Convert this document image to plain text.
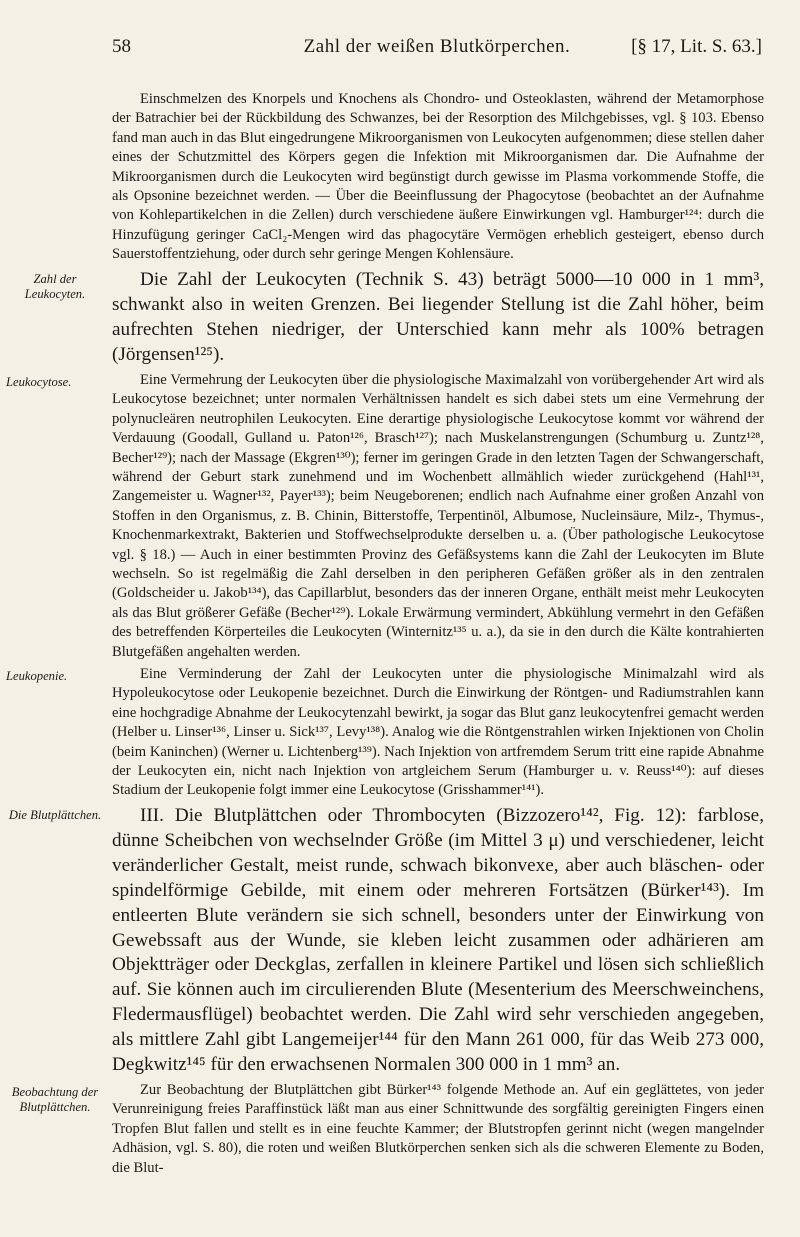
58	Zahl der weißen Blutkörperchen.	[§ 17, Lit. S. 63.]

Einschmelzen des Knorpels und Knochens als Chondro- und Osteoklasten, während der Metamorphose der Batrachier bei der Rückbildung des Schwanzes, bei der Resorption des Milchgebisses, vgl. § 103. Ebenso fand man auch in das Blut eingedrungene Mikroorganismen von Leukocyten aufgenommen; diese stellen daher eines der Schutzmittel des Körpers gegen die Infektion mit Mikroorganismen dar. Die Aufnahme der Mikroorganismen durch die Leukocyten wird begünstigt durch gewisse im Plasma vorkommende Stoffe, die als Opsonine bezeichnet werden. — Über die Beeinflussung der Phagocytose (beobachtet an der Aufnahme von Kohlepartikelchen in die Zellen) durch verschiedene äußere Einwirkungen vgl. Hamburger¹²⁴: durch die Hinzufügung geringer CaCl₂-Mengen wird das phagocytäre Vermögen erheblich gesteigert, ebenso durch Sauerstoffentziehung, oder durch sehr geringe Mengen Kohlensäure.

Zahl der Leukocyten.

Die Zahl der Leukocyten (Technik S. 43) beträgt 5000—10 000 in 1 mm³, schwankt also in weiten Grenzen. Bei liegender Stellung ist die Zahl höher, beim aufrechten Stehen niedriger, der Unterschied kann mehr als 100% betragen (Jörgensen¹²⁵).

Leukocytose.	Eine Vermehrung der Leukocyten über die physiologische Maximalzahl von vorübergehender Art wird als Leukocytose bezeichnet; unter normalen Verhältnissen handelt es sich dabei stets um eine Vermehrung der polynucleären neutrophilen Leukocyten. Eine derartige physiologische Leukocytose kommt vor während der Verdauung (Goodall, Gulland u. Paton¹²⁶, Brasch¹²⁷); nach Muskelanstrengungen (Schumburg u. Zuntz¹²⁸, Becher¹²⁹); nach der Massage (Ekgren¹³⁰); ferner im geringen Grade in den letzten Tagen der Schwangerschaft, während der Geburt stark zunehmend und im Wochenbett allmählich wieder zurückgehend (Hahl¹³¹, Zangemeister u. Wagner¹³², Payer¹³³); beim Neugeborenen; endlich nach Aufnahme einer großen Anzahl von Stoffen in den Organismus, z. B. Chinin, Bitterstoffe, Terpentinöl, Albumose, Nucleinsäure, Milz-, Thymus-, Knochenmarkextrakt, Bakterien und Stoffwechselprodukte derselben u. a. (Über pathologische Leukocytose vgl. § 18.) — Auch in einer bestimmten Provinz des Gefäßsystems kann die Zahl der Leukocyten im Blute wechseln. So ist regelmäßig die Zahl derselben in den peripheren Gefäßen größer als in den zentralen (Goldscheider u. Jakob¹³⁴), das Capillarblut, besonders das der inneren Organe, enthält meist mehr Leukocyten als das Blut größerer Gefäße (Becher¹²⁹). Lokale Erwärmung vermindert, Abkühlung vermehrt in den Gefäßen des betreffenden Körperteiles die Leukocyten (Winternitz¹³⁵ u. a.), da sie in den durch die Kälte kontrahierten Blutgefäßen angehalten werden.

Leukopenie.	Eine Verminderung der Zahl der Leukocyten unter die physiologische Minimalzahl wird als Hypoleukocytose oder Leukopenie bezeichnet. Durch die Einwirkung der Röntgen- und Radiumstrahlen kann eine hochgradige Abnahme der Leukocytenzahl bewirkt, ja sogar das Blut ganz leukocytenfrei gemacht werden (Helber u. Linser¹³⁶, Linser u. Sick¹³⁷, Levy¹³⁸). Analog wie die Röntgenstrahlen wirken Injektionen von Cholin (beim Kaninchen) (Werner u. Lichtenberg¹³⁹). Nach Injektion von artfremdem Serum tritt eine rapide Abnahme der Leukocyten ein, nicht nach Injektion von artgleichem Serum (Hamburger u. v. Reuss¹⁴⁰): auf dieses Stadium der Leukopenie folgt immer eine Leukocytose (Grisshammer¹⁴¹).

Die Blutplättchen.	III. Die Blutplättchen oder Thrombocyten (Bizzozero¹⁴², Fig. 12): farblose, dünne Scheibchen von wechselnder Größe (im Mittel 3 μ) und verschiedener, leicht veränderlicher Gestalt, meist runde, schwach bikonvexe, aber auch bläschen- oder spindelförmige Gebilde, mit einem oder mehreren Fortsätzen (Bürker¹⁴³). Im entleerten Blute verändern sie sich schnell, besonders unter der Einwirkung von Gewebssaft aus der Wunde, sie kleben leicht zusammen oder adhärieren am Objektträger oder Deckglas, zerfallen in kleinere Partikel und lösen sich schließlich auf. Sie können auch im circulierenden Blute (Mesenterium des Meerschweinchens, Fledermausflügel) beobachtet werden. Die Zahl wird sehr verschieden angegeben, als mittlere Zahl gibt Langemeijer¹⁴⁴ für den Mann 261 000, für das Weib 273 000, Degkwitz¹⁴⁵ für den erwachsenen Normalen 300 000 in 1 mm³ an.

Beobachtung der Blutplättchen.

Zur Beobachtung der Blutplättchen gibt Bürker¹⁴³ folgende Methode an. Auf ein geglättetes, von jeder Verunreinigung freies Paraffinstück läßt man aus einer Schnittwunde des sorgfältig gereinigten Fingers einen Tropfen Blut fallen und stellt es in eine feuchte Kammer; der Blutstropfen gerinnt nicht (wegen mangelnder Adhäsion, vgl. S. 80), die roten und weißen Blutkörperchen senken sich als die schweren Elemente zu Boden, die Blut-
